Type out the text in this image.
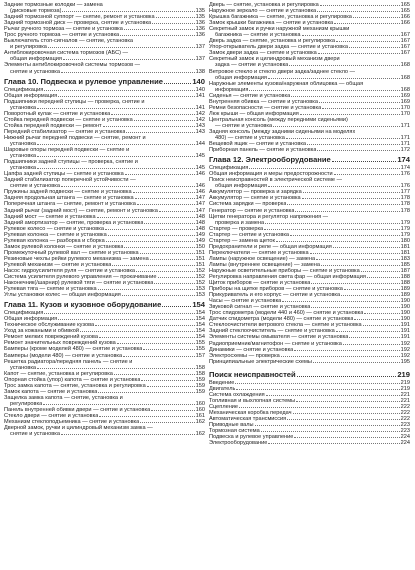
Задние тормозные колодки — замена
(дисковые тормоза)	135
Задний тормозной суппорт — снятие, ремонт и установка	135
Задний тормозной диск — проверка, снятие и установка	136
Рычаг ручного тормоза — снятие и установка	136
Трос ручного тормоза — снятие и установка	136
Выключатель стоп-сигналов — снятие, установка
и регулировка	137
Антиблокировочная система тормозов (АБС) —
общая информация	137
Элементы антиблокировочной системы тормозов —
снятие и установка	138
Глава 10. Подвеска и рулевое управление	140
Спецификация	140
Общая информация	141
Подшипники передней ступицы — проверка, снятие и
установка	141
Поворотный кулак — снятие и установка	142
Стойка передней подвески — снятие и установка	142
Стойка передней подвески — ремонт	143
Передний стабилизатор — снятие и установка	143
Нижний рычаг передней подвески — снятие, ремонт и
установка	144
Шаровые опоры передней подвески — снятие и
установка	145
Подшипники задней ступицы — проверка, снятие и
установка	145
Цапфа задней ступицы — снятие и установка	146
Задний стабилизатор поперечной устойчивости —
снятие и установка	146
Пружины задней подвески — снятие и установка	146
Задняя продольная штанга — снятие и установка	147
Поперечная штанга — снятие, ремонт и установка	147
Задний рычаг (задний мост) — снятие, ремонт и установка	147
Задний мост — снятие и установка	148
Задний амортизатор — снятие, проверка и установка	148
Рулевое колесо — снятие и установка	148
Рулевая колонка — снятие и установка	149
Рулевая колонка — разборка и сборка	149
Замок рулевой колонки — снятие и установка	150
Промежуточный рулевой вал — снятие и установка	151
Резиновые чехлы рейки рулевого механизма — замена	151
Рулевой механизм — снятие и установка	151
Насос гидроусилителя руля — снятие и установка	152
Система усилителя рулевого управления — прокачивание	152
Наконечник(/шарнир) рулевой тяги — снятие и установка	152
Рулевая тяга — снятие и установка	153
Углы установки колес — общая информация	153
Глава 11. Кузов и кузовное оборудование	154
Спецификация	154
Общая информация	154
Техническое обслуживание кузова	154
Уход за кожаными и обивкой	154
Ремонт мелких повреждений кузова	154
Ремонт значительных повреждений кузова	155
Бамперы (кроме моделей 480) — снятие и установка	155
Бамперы (модели 480) — снятие и установка	157
Решетка радиатора/передняя панель — снятие и
установка	158
Капот — снятие, установка и регулировка	158
Опорная стойка (упор) капота — снятие и установка	159
Трос замка капота — снятие, установка и регулировка	159
Замок капота — снятие и установка	159
Защелка замка капота — снятие, установка и
регулировка	160
Панель внутренней обивки двери — снятие и установка	160
Стекло двери — снятие и установка	161
Механизм стеклоподъемника — снятие и установка	162
Дверной замок, ручки и цилиндровый механизм замка —
снятие и установка	162
Дверь — снятие, установка и регулировка	165
Наружное зеркало — снятие и установка	165
Крышка багажника — снятие, установка и регулировка	166
Замок крышки багажника — снятие и установка	166
Секретный замок и ручки наружной механизм крышки
багажника — снятие и установка	167
Дверь задка — снятие, установка и регулировка	167
Упор-открыватель двери задка — снятие и установка	167
Замок двери задка — снятие и установка	167
Секретный замок и цилиндровый механизм двери
задка — снятие и установка	168
Ветровое стекло и стекло двери задка/заднее стекло —
общая информация	168
Наружные элементы кузова/наружная облицовка — общая
информация	168
Сиденья — снятие и установка	169
Внутренняя обивка — снятие и установка	169
Ремни безопасности — снятие и установка	170
Люк крыши — общая информация	170
Центральная консоль (между передними сиденьями)
— снятие и установка	171
Задняя консоль (между задними сиденьями на моделях
480) — снятие и установка	171
Вещевой ящик — снятие и установка	171
Приборная панель — снятие и установка	172
Глава 12. Электрооборудование	174
Спецификация	174
Общая информация и меры предосторожности	176
Поиск неисправностей в электрической системе —
общая информация	176
Аккумулятор — проверка и зарядка	177
Аккумулятор — снятие и установка	178
Система зарядки — проверка	178
Генератор — снятие и установка	178
Щетки генератора и регулятор напряжения —
проверка и замена	179
Стартер — проверка	179
Стартер — снятие и установка	179
Стартер — замена щеток	180
Предохранители и реле — общая информация	181
Переключатели — снятие и установка	181
Лампы (наружное освещение) — замена	183
Лампы (внутреннее освещение) — замена	185
Наружные осветительные приборы — снятие и установка	187
Регулировка направления света фар — общая информация	188
Щиток приборов — снятие и установка	188
Приборы на щитке приборов — снятие и установка	189
Прикуриватель и его корпус — снятие и установка	189
Часы — снятие и установка	190
Звуковой сигнал — снятие и установка	190
Трос спидометра (модели 440 и 460) — снятие и установка	190
Датчик спидометра (модели 480) — снятие и установка	190
Стеклоочистители ветрового стекла — снятие и установка	191
Задний стеклоочиститель — снятие и установка	191
Элементы системы омывателя — снятие и установка	191
Радиоприемник/магнитофон — снятие и установка	192
Динамики — снятие и установка	192
Электросхемы — проверка	192
Принципиальные электрические схемы	195
Поиск неисправностей	219
Введение	219
Двигатель	219
Система охлаждения	221
Топливная и выхлопная системы	221
Сцепление	222
Механическая коробка передач	222
Автоматическая трансмиссия	222
Приводные валы	223
Тормозная система	223
Подвеска и рулевое управление	224
Электрооборудование	224
